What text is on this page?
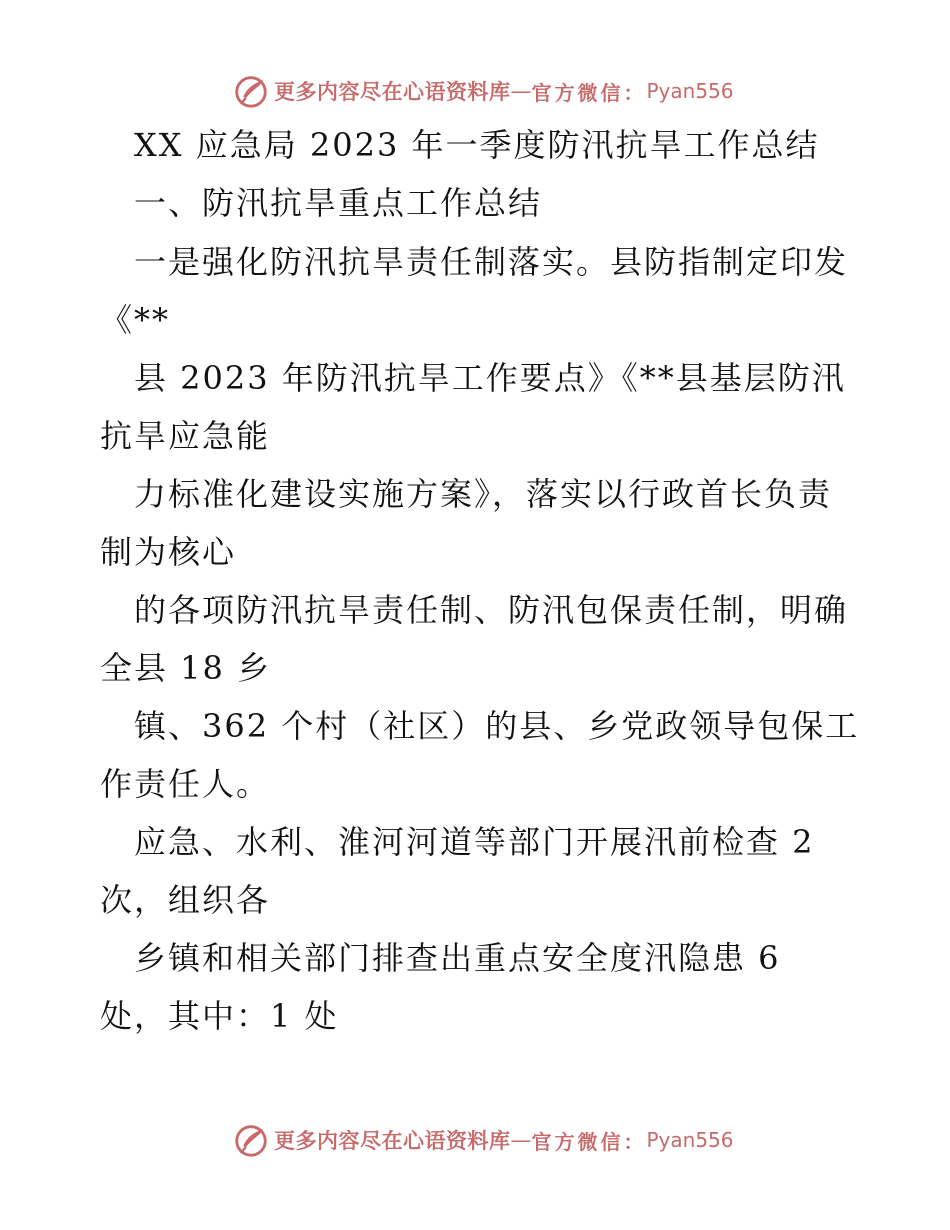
更多内容尽在心语资料库 — 官方微信： Pyan556
XX 应急局 2023 年一季度防汛抗旱工作总结
一、防汛抗旱重点工作总结
一是强化防汛抗旱责任制落实。县防指制定印发
《**
县 2023 年防汛抗旱工作要点》《**县基层防汛
抗旱应急能
力标准化建设实施方案》，落实以行政首长负责
制为核心
的各项防汛抗旱责任制、防汛包保责任制，明确
全县 18 乡
镇、362 个村（社区）的县、乡党政领导包保工
作责任人。
应急、水利、淮河河道等部门开展汛前检查 2
次，组织各
乡镇和相关部门排查出重点安全度汛隐患 6
处，其中：1 处
更多内容尽在心语资料库 — 官方微信： Pyan556
